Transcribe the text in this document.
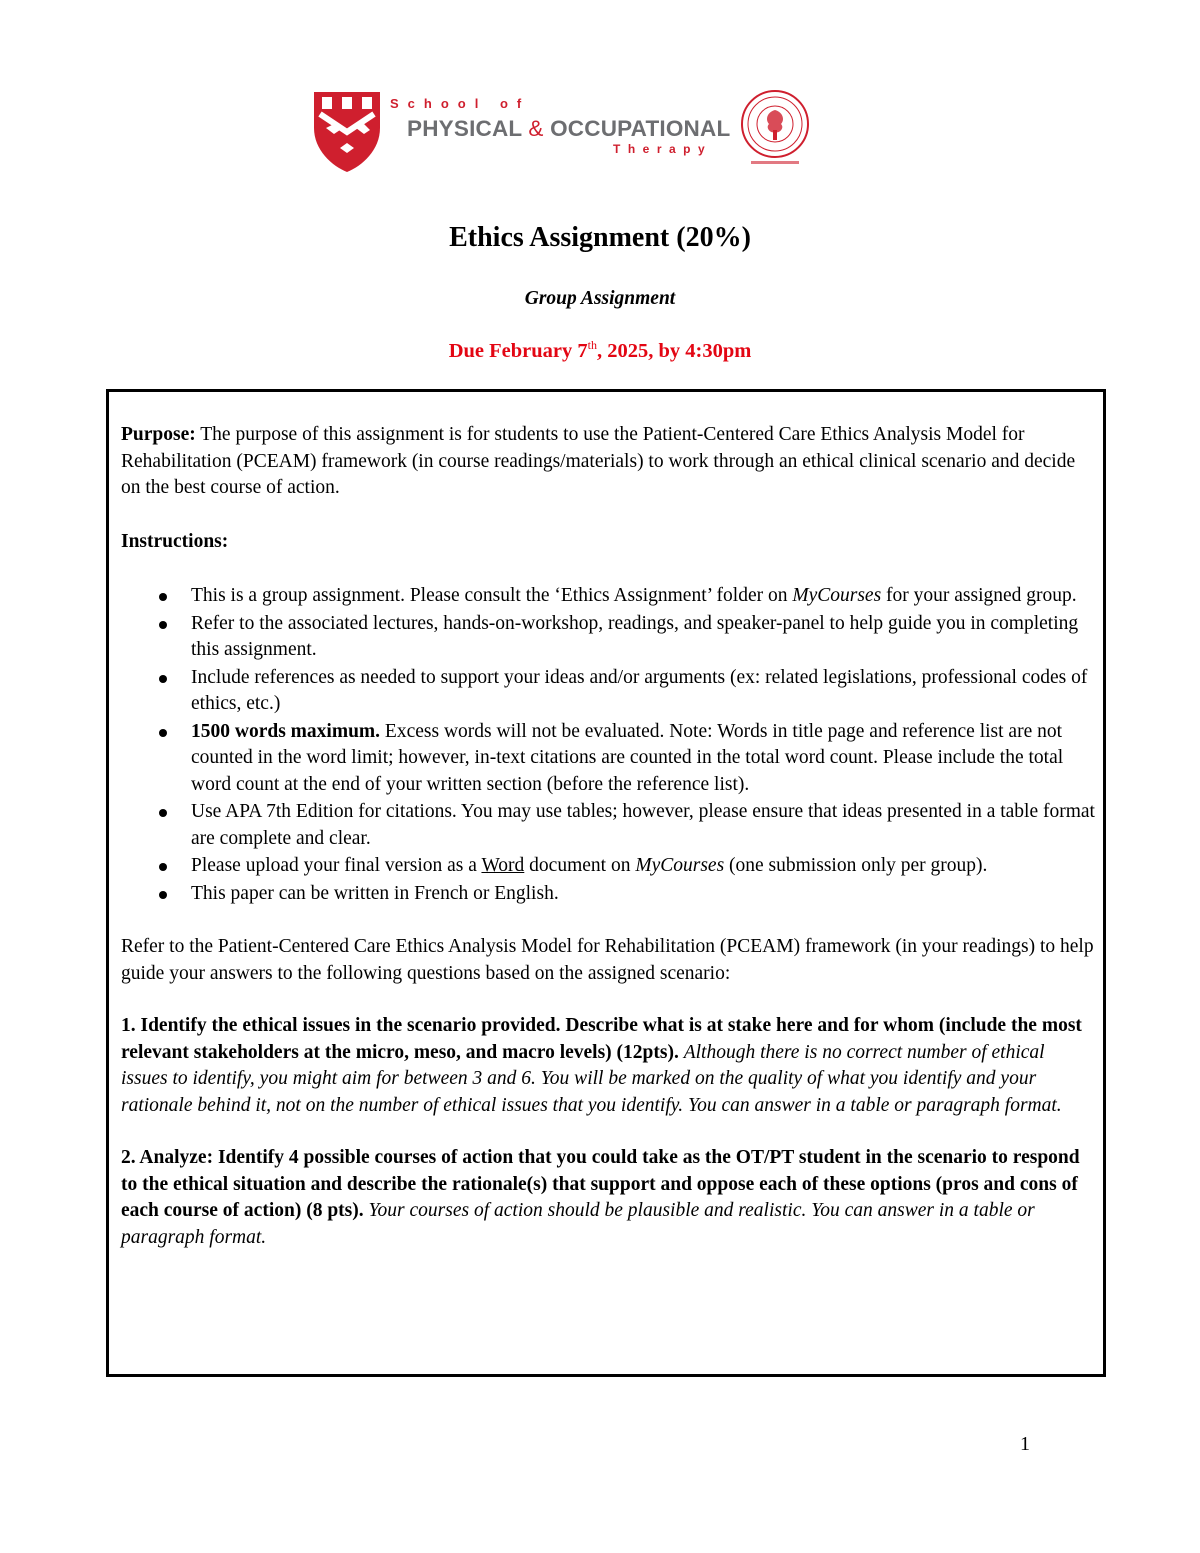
School of
PHYSICAL & OCCUPATIONAL
Therapy
Ethics Assignment (20%)
Group Assignment
Due February 7th, 2025, by 4:30pm

Purpose: The purpose of this assignment is for students to use the Patient-Centered Care Ethics Analysis Model for Rehabilitation (PCEAM) framework (in course readings/materials) to work through an ethical clinical scenario and decide on the best course of action.

Instructions:

This is a group assignment. Please consult the ‘Ethics Assignment’ folder on MyCourses for your assigned group.
Refer to the associated lectures, hands-on-workshop, readings, and speaker-panel to help guide you in completing this assignment.
Include references as needed to support your ideas and/or arguments (ex: related legislations, professional codes of ethics, etc.)
1500 words maximum. Excess words will not be evaluated. Note: Words in title page and reference list are not counted in the word limit; however, in-text citations are counted in the total word count. Please include the total word count at the end of your written section (before the reference list).
Use APA 7th Edition for citations. You may use tables; however, please ensure that ideas presented in a table format are complete and clear.
Please upload your final version as a Word document on MyCourses (one submission only per group).
This paper can be written in French or English.

Refer to the Patient-Centered Care Ethics Analysis Model for Rehabilitation (PCEAM) framework (in your readings) to help guide your answers to the following questions based on the assigned scenario:

1. Identify the ethical issues in the scenario provided. Describe what is at stake here and for whom (include the most relevant stakeholders at the micro, meso, and macro levels) (12pts). Although there is no correct number of ethical issues to identify, you might aim for between 3 and 6. You will be marked on the quality of what you identify and your rationale behind it, not on the number of ethical issues that you identify. You can answer in a table or paragraph format.

2. Analyze: Identify 4 possible courses of action that you could take as the OT/PT student in the scenario to respond to the ethical situation and describe the rationale(s) that support and oppose each of these options (pros and cons of each course of action) (8 pts). Your courses of action should be plausible and realistic. You can answer in a table or paragraph format.

1
